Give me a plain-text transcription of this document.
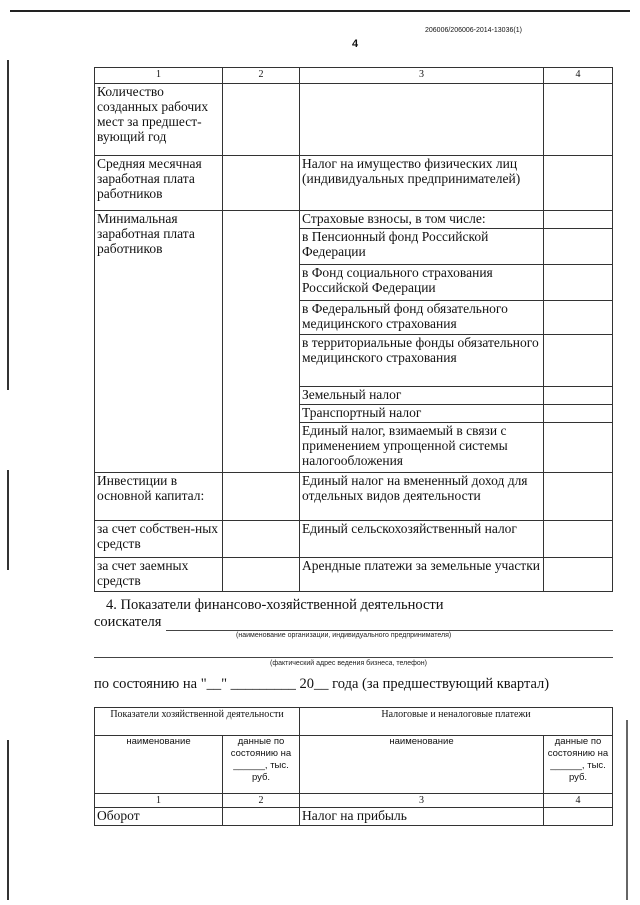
206006/206006-2014-13036(1)
4
1	2	3	4
Количество созданных рабочих мест за предшест-вующий год			
Средняя месячная заработная плата работников		Налог на имущество физических лиц (индивидуальных предпринимателей)	
Минимальная заработная плата работников		Страховые взносы, в том числе:	
		в Пенсионный фонд Российской Федерации	
		в Фонд социального страхования Российской Федерации	
		в Федеральный фонд обязательного медицинского страхования	
		в территориальные фонды обязательного медицинского страхования	
		Земельный налог	
		Транспортный налог	
		Единый налог, взимаемый в связи с применением упрощенной системы налогообложения	
Инвестиции в основной капитал:		Единый налог на вмененный доход для отдельных видов деятельности	
за счет собствен-ных средств		Единый сельскохозяйственный налог	
за счет заемных средств		Арендные платежи за земельные участки	
4. Показатели финансово-хозяйственной деятельности
соискателя
(наименование организации, индивидуального предпринимателя)
(фактический адрес ведения бизнеса, телефон)
по состоянию на "__" _________ 20__ года (за предшествующий квартал)
Показатели хозяйственной деятельности		Налоговые и неналоговые платежи	
наименование	данные по состоянию на ______, тыс. руб.	наименование	данные по состоянию на ______, тыс. руб.
1	2	3	4
Оборот		Налог на прибыль	
